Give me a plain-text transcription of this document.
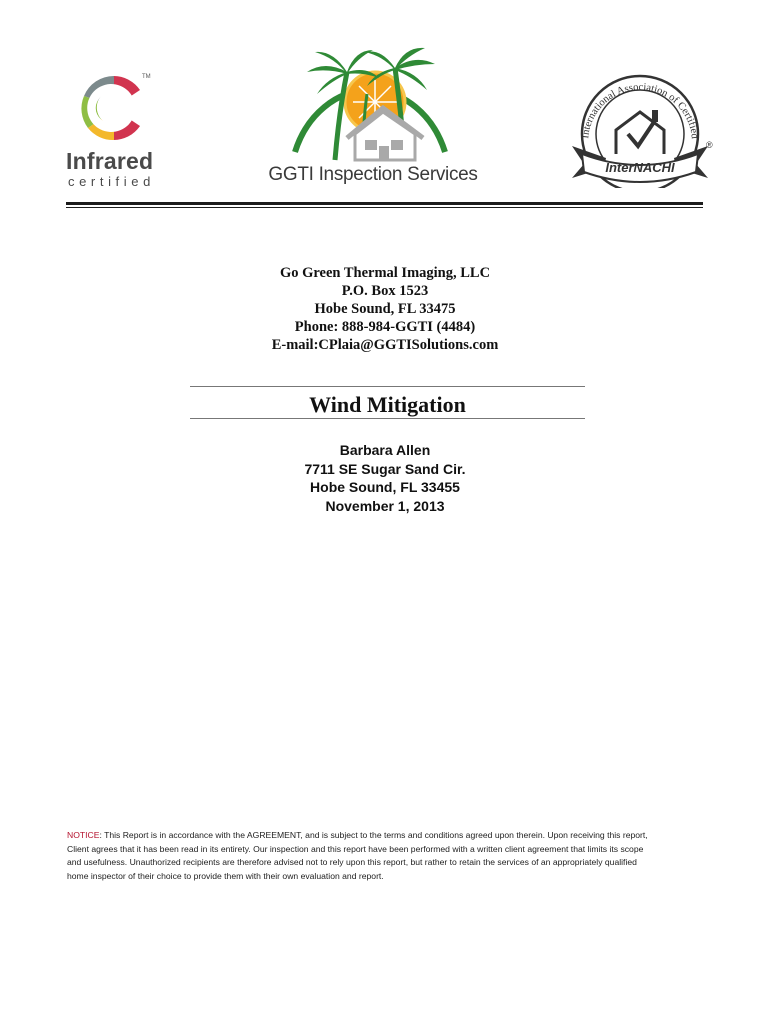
TM
Infrared
certified	GGTI Inspection Services
International Association of Certified
InterNACHI
®
Go Green Thermal Imaging, LLC
P.O. Box 1523
Hobe Sound, FL 33475
Phone: 888-984-GGTI (4484)
E-mail:CPlaia@GGTISolutions.com
Wind Mitigation
Barbara Allen
7711 SE Sugar Sand Cir.
Hobe Sound, FL 33455
November 1, 2013
NOTICE: This Report is in accordance with the AGREEMENT, and is subject to the terms and conditions agreed upon therein. Upon receiving this report,
Client agrees that it has been read in its entirety. Our inspection and this report have been performed with a written client agreement that limits its scope
and usefulness. Unauthorized recipients are therefore advised not to rely upon this report, but rather to retain the services of an appropriately qualified
home inspector of their choice to provide them with their own evaluation and report.
